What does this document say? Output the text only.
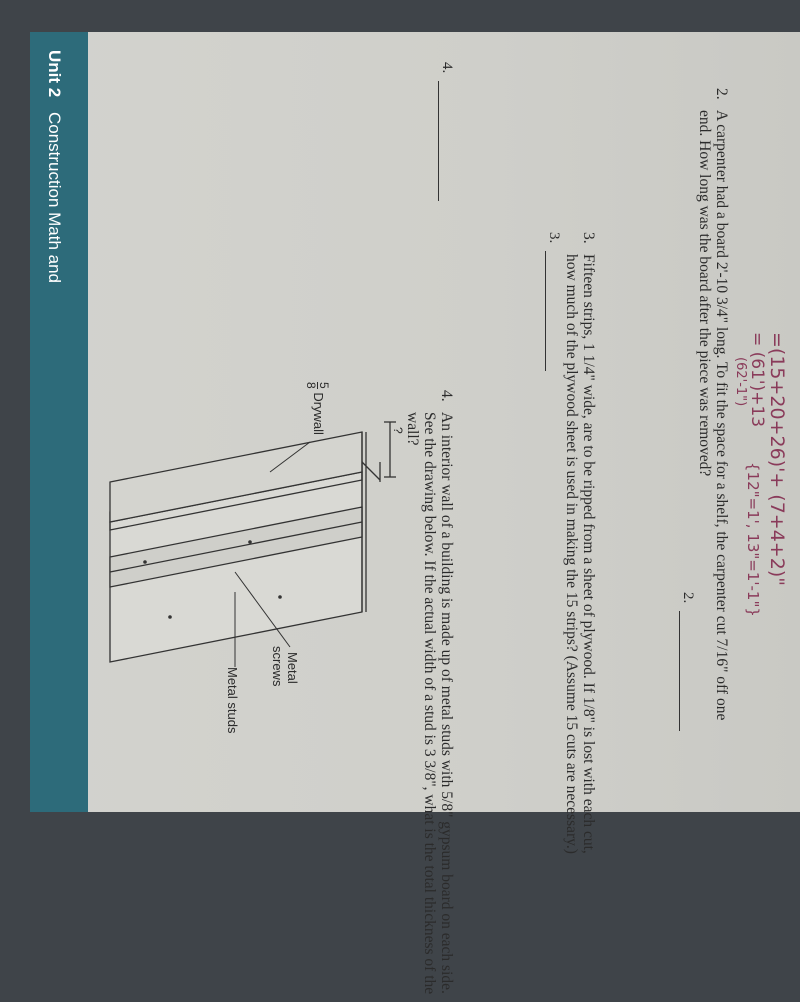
=(15+20+26)'+ (7+4+2)"
= (61')+13
{12"=1', 13"=1'-1"}
(62'-1")
2.
A carpenter had a board 2'-10 3/4" long. To fit the space for a shelf, the carpenter cut 7/16" off one end. How long was the board after the piece was removed?
2.
3.
Fifteen strips, 1 1/4" wide, are to be ripped from a sheet of plywood. If 1/8" is lost with each cut, how much of the plywood sheet is used in making the 15 strips? (Assume 15 cuts are necessary.)
3.
4.
An interior wall of a building is made up of metal studs with 5/8" gypsum board on each side. See the drawing below. If the actual width of a stud is 3 3/8", what is the total thickness of the wall?
4.
Metal studs	Metal
screws
5
8
Drywall	?
Unit 2 Construction Math and
